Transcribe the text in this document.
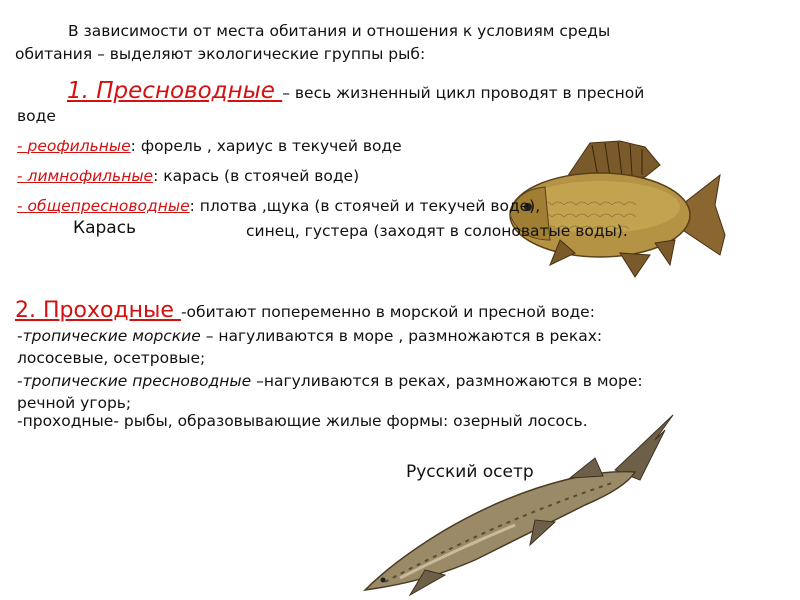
В зависимости от места обитания и отношения к условиям среды
обитания – выделяют экологические группы рыб:
1. Пресноводные – весь жизненный цикл проводят в пресной
воде
- реофильные: форель , хариус в текучей воде
- лимнофильные: карась (в стоячей воде)
- общепресноводные: плотва ,щука (в стоячей и текучей воде),
Карась	синец, густера (заходят в солоноватые воды).
2. Проходные -обитают попеременно в морской и пресной воде:
-тропические морские – нагуливаются в море , размножаются в реках:
лососевые, осетровые;
-тропические пресноводные –нагуливаются в реках, размножаются в море:
речной угорь;
-проходные- рыбы, образовывающие жилые формы: озерный лосось.
Русский осетр
